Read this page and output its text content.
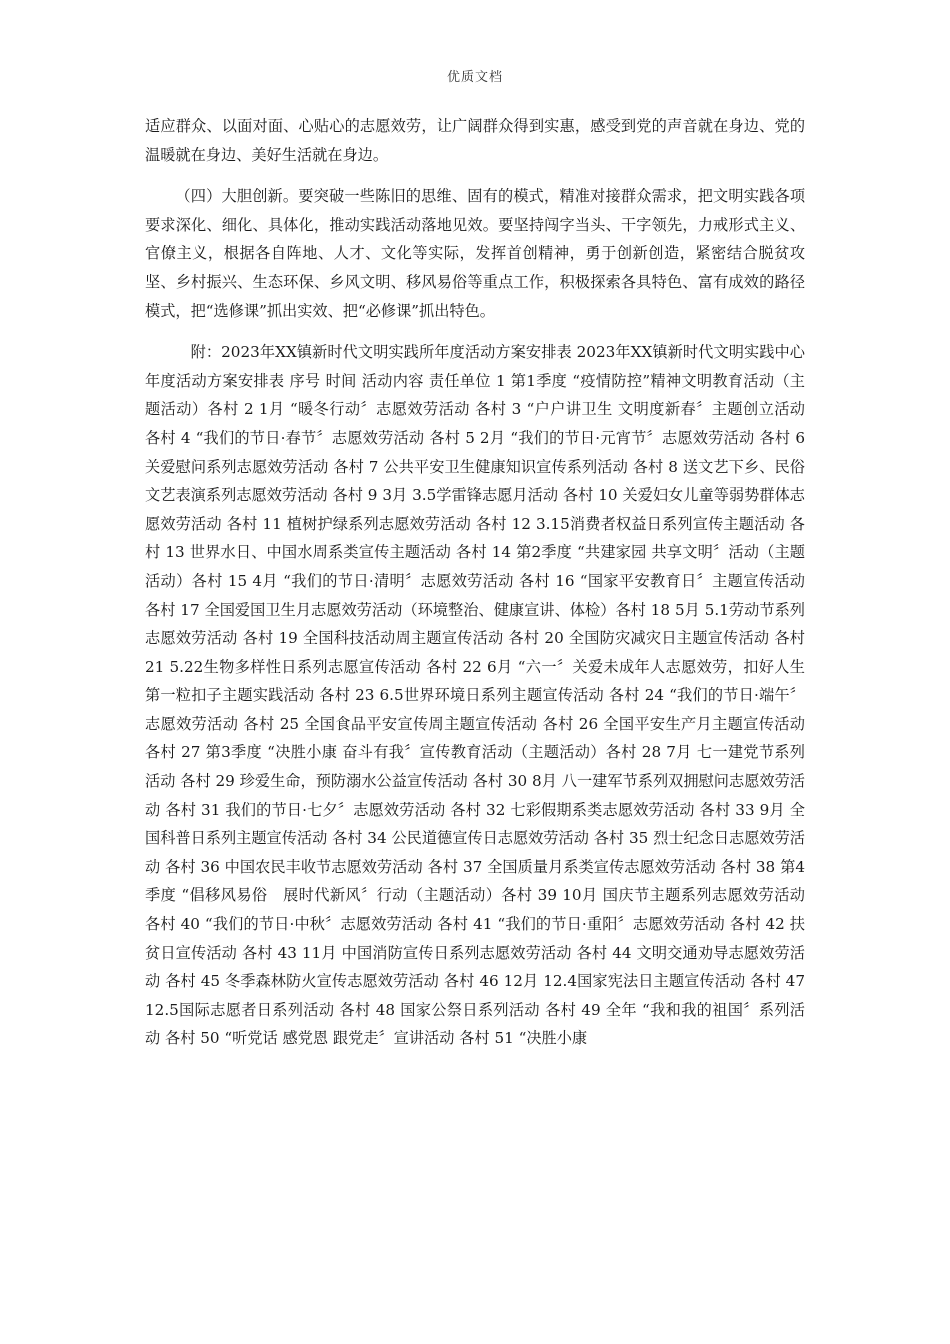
优质文档

适应群众、以面对面、心贴心的志愿效劳，让广阔群众得到实惠，感受到党的声音就在身边、党的温暖就在身边、美好生活就在身边。

（四）大胆创新。要突破一些陈旧的思维、固有的模式，精准对接群众需求，把文明实践各项要求深化、细化、具体化，推动实践活动落地见效。要坚持闯字当头、干字领先，力戒形式主义、官僚主义，根据各自阵地、人才、文化等实际，发挥首创精神，勇于创新创造，紧密结合脱贫攻坚、乡村振兴、生态环保、乡风文明、移风易俗等重点工作，积极探索各具特色、富有成效的路径模式，把“选修课”抓出实效、把“必修课”抓出特色。

附：2023年XX镇新时代文明实践所年度活动方案安排表 2023年XX镇新时代文明实践中心年度活动方案安排表 序号 时间 活动内容 责任单位 1 第1季度 “疫情防控”精神文明教育活动（主题活动）各村 2 1月 “暖冬行动〞志愿效劳活动 各村 3 “户户讲卫生 文明度新春〞主题创立活动 各村 4 “我们的节日·春节〞志愿效劳活动 各村 5 2月 “我们的节日·元宵节〞志愿效劳活动 各村 6 关爱慰问系列志愿效劳活动 各村 7 公共平安卫生健康知识宣传系列活动 各村 8 送文艺下乡、民俗文艺表演系列志愿效劳活动 各村 9 3月 3.5学雷锋志愿月活动 各村 10 关爱妇女儿童等弱势群体志愿效劳活动 各村 11 植树护绿系列志愿效劳活动 各村 12 3.15消费者权益日系列宣传主题活动 各村 13 世界水日、中国水周系类宣传主题活动 各村 14 第2季度 “共建家园 共享文明〞活动（主题活动）各村 15 4月 “我们的节日·清明〞志愿效劳活动 各村 16 “国家平安教育日〞主题宣传活动 各村 17 全国爱国卫生月志愿效劳活动（环境整治、健康宣讲、体检）各村 18 5月 5.1劳动节系列志愿效劳活动 各村 19 全国科技活动周主题宣传活动 各村 20 全国防灾减灾日主题宣传活动 各村 21 5.22生物多样性日系列志愿宣传活动 各村 22 6月 “六一〞关爱未成年人志愿效劳，扣好人生第一粒扣子主题实践活动 各村 23 6.5世界环境日系列主题宣传活动 各村 24 “我们的节日·端午〞志愿效劳活动 各村 25 全国食品平安宣传周主题宣传活动 各村 26 全国平安生产月主题宣传活动 各村 27 第3季度 “决胜小康 奋斗有我〞宣传教育活动（主题活动）各村 28 7月 七一建党节系列活动 各村 29 珍爱生命，预防溺水公益宣传活动 各村 30 8月 八一建军节系列双拥慰问志愿效劳活动 各村 31 我们的节日·七夕〞志愿效劳活动 各村 32 七彩假期系类志愿效劳活动 各村 33 9月 全国科普日系列主题宣传活动 各村 34 公民道德宣传日志愿效劳活动 各村 35 烈士纪念日志愿效劳活动 各村 36 中国农民丰收节志愿效劳活动 各村 37 全国质量月系类宣传志愿效劳活动 各村 38 第4季度 “倡移风易俗　展时代新风〞行动（主题活动）各村 39 10月 国庆节主题系列志愿效劳活动 各村 40 “我们的节日·中秋〞志愿效劳活动 各村 41 “我们的节日·重阳〞志愿效劳活动 各村 42 扶贫日宣传活动 各村 43 11月 中国消防宣传日系列志愿效劳活动 各村 44 文明交通劝导志愿效劳活动 各村 45 冬季森林防火宣传志愿效劳活动 各村 46 12月 12.4国家宪法日主题宣传活动 各村 47 12.5国际志愿者日系列活动 各村 48 国家公祭日系列活动 各村 49 全年 “我和我的祖国〞系列活动 各村 50 “听党话 感党恩 跟党走〞宣讲活动 各村 51 “决胜小康
